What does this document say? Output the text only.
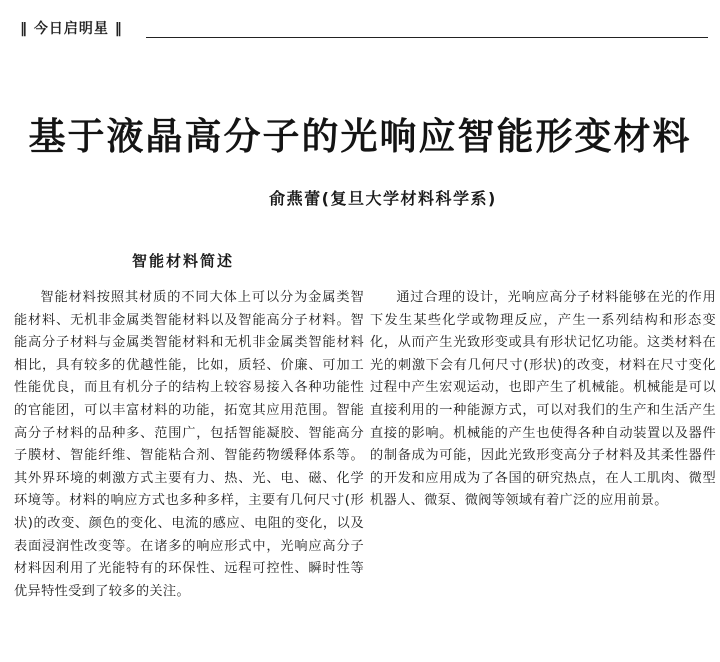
‖ 今日启明星 ‖
基于液晶高分子的光响应智能形变材料
俞燕蕾(复旦大学材料科学系)
智能材料简述

智能材料按照其材质的不同大体上可以分为金属类智能材料、无机非金属类智能材料以及智能高分子材料。智能高分子材料与金属类智能材料和无机非金属类智能材料相比，具有较多的优越性能，比如，质轻、价廉、可加工性能优良，而且有机分子的结构上较容易接入各种功能性的官能团，可以丰富材料的功能，拓宽其应用范围。智能高分子材料的品种多、范围广，包括智能凝胶、智能高分子膜材、智能纤维、智能粘合剂、智能药物缓释体系等。其外界环境的刺激方式主要有力、热、光、电、磁、化学环境等。材料的响应方式也多种多样，主要有几何尺寸(形状)的改变、颜色的变化、电流的感应、电阻的变化，以及表面浸润性改变等。在诸多的响应形式中，光响应高分子材料因利用了光能特有的环保性、远程可控性、瞬时性等优异特性受到了较多的关注。

通过合理的设计，光响应高分子材料能够在光的作用下发生某些化学或物理反应，产生一系列结构和形态变化，从而产生光致形变或具有形状记忆功能。这类材料在光的刺激下会有几何尺寸(形状)的改变，材料在尺寸变化过程中产生宏观运动，也即产生了机械能。机械能是可以直接利用的一种能源方式，可以对我们的生产和生活产生直接的影响。机械能的产生也使得各种自动装置以及器件的制备成为可能，因此光致形变高分子材料及其柔性器件的开发和应用成为了各国的研究热点，在人工肌肉、微型机器人、微泵、微阀等领域有着广泛的应用前景。
